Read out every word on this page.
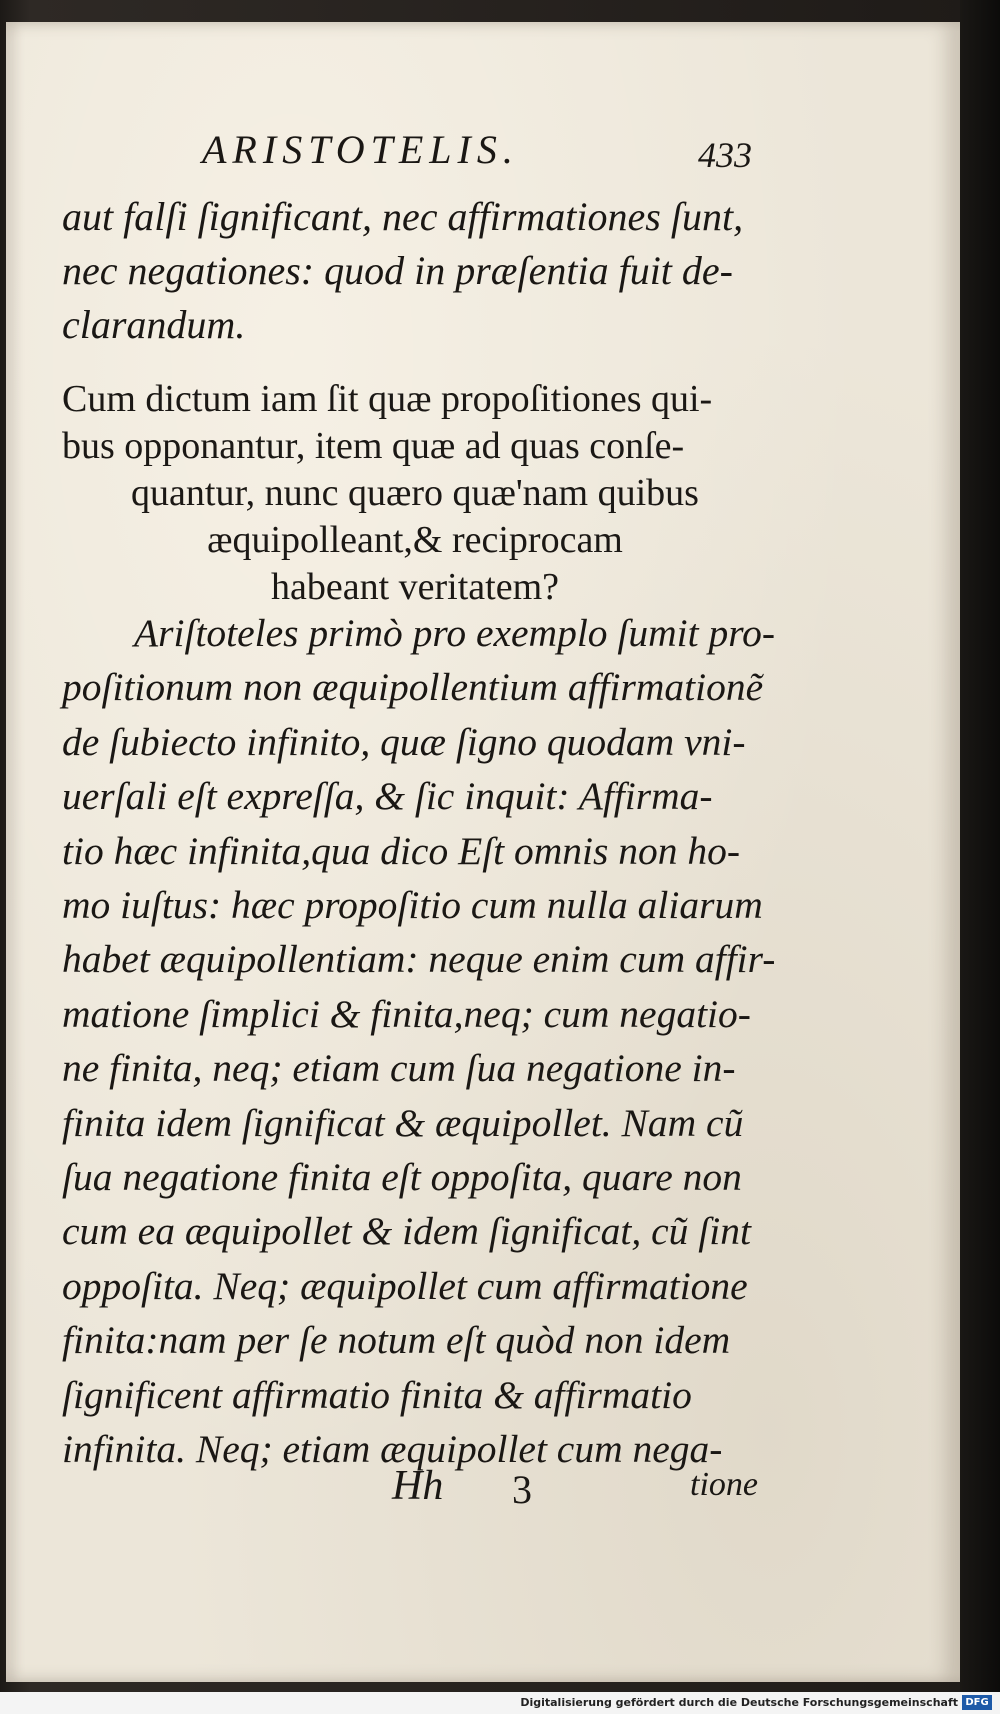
ARISTOTELIS.	433
aut falſi ſignificant, nec affirmationes ſunt,
nec negationes: quod in præſentia fuit de-
clarandum.
Cum dictum iam ſit quæ propoſitiones qui-
bus opponantur, item quæ ad quas conſe-
quantur, nunc quæro quæ'nam quibus
æquipolleant,& reciprocam
habeant veritatem?
Ariſtoteles primò pro exemplo ſumit pro-
poſitionum non æquipollentium affirmationẽ
de ſubiecto infinito, quæ ſigno quodam vni-
uerſali eſt expreſſa, & ſic inquit: Affirma-
tio hæc infinita,qua dico Eſt omnis non ho-
mo iuſtus: hæc propoſitio cum nulla aliarum
habet æquipollentiam: neque enim cum affir-
matione ſimplici & finita,neq; cum negatio-
ne finita, neq; etiam cum ſua negatione in-
finita idem ſignificat & æquipollet. Nam cũ
ſua negatione finita eſt oppoſita, quare non
cum ea æquipollet & idem ſignificat, cũ ſint
oppoſita. Neq; æquipollet cum affirmatione
finita:nam per ſe notum eſt quòd non idem
ſignificent affirmatio finita & affirmatio
infinita. Neq; etiam æquipollet cum nega-
Hh 3	tione
Digitalisierung gefördert durch die Deutsche Forschungsgemeinschaft DFG
